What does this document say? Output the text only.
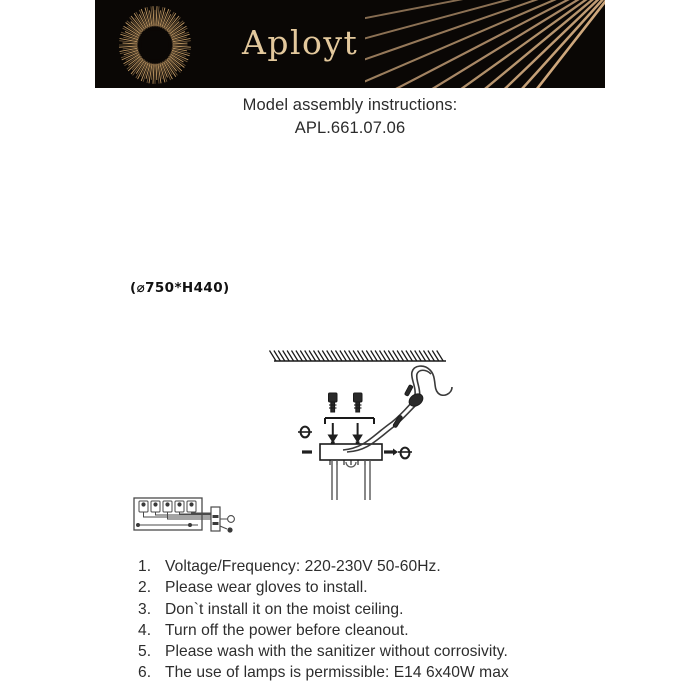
Aployt
Model assembly instructions:
APL.661.07.06
(⌀750*H440)
1. Voltage/Frequency: 220-230V 50-60Hz.
2. Please wear gloves to install.
3. Don`t install it on the moist ceiling.
4. Turn off the power before cleanout.
5. Please wash with the sanitizer without corrosivity.
6. The use of lamps is permissible: E14 6x40W max
